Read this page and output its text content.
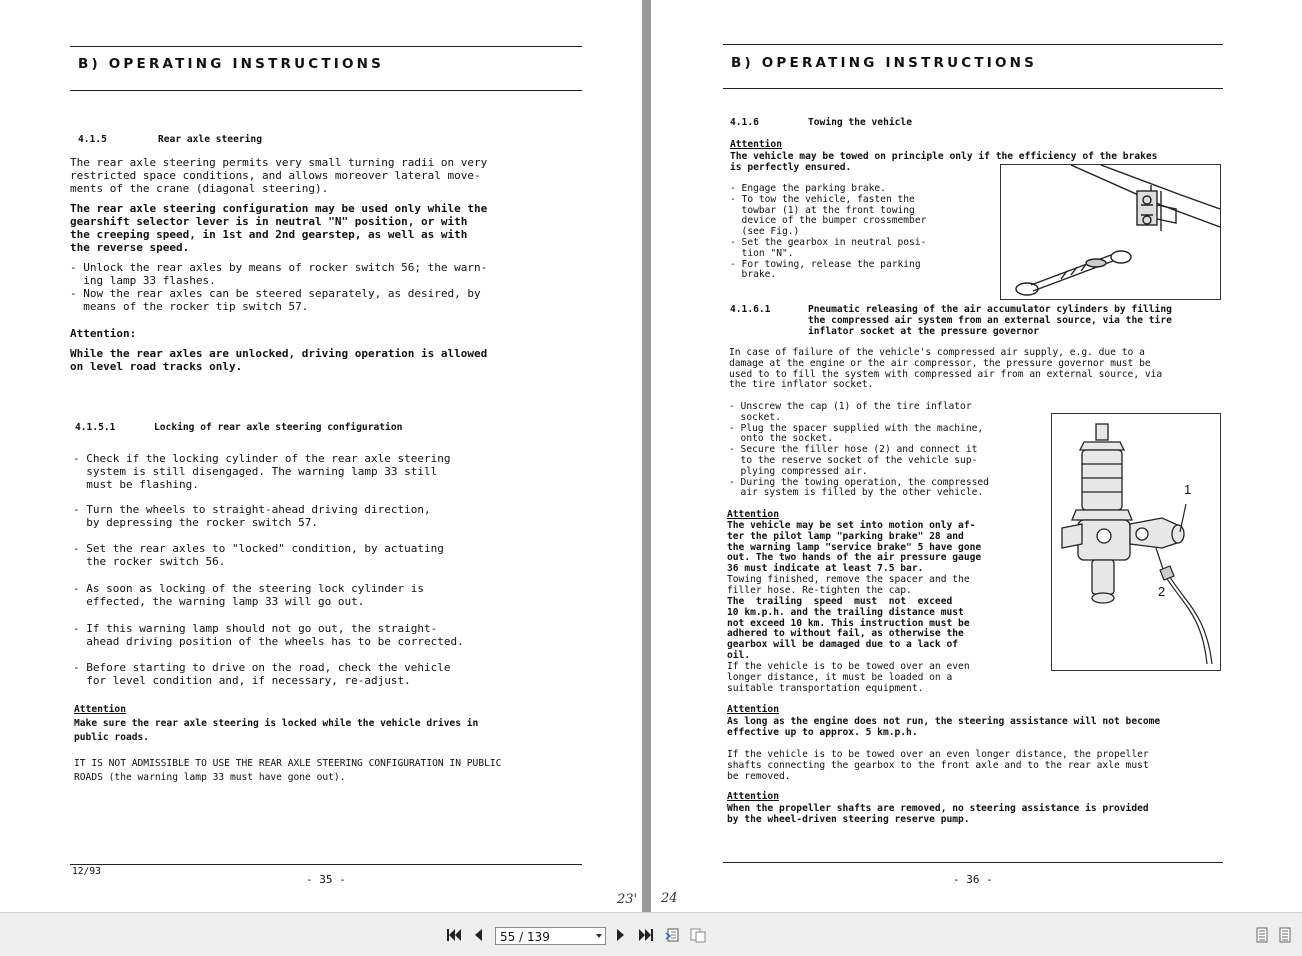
B) OPERATING INSTRUCTIONS
4.1.5	Rear axle steering
The rear axle steering permits very small turning radii on very
restricted space conditions, and allows moreover lateral move-
ments of the crane (diagonal steering).
The rear axle steering configuration may be used only while the
gearshift selector lever is in neutral "N" position, or with
the creeping speed, in 1st and 2nd gearstep, as well as with
the reverse speed.
- Unlock the rear axles by means of rocker switch 56; the warn-
ing lamp 33 flashes.
- Now the rear axles can be steered separately, as desired, by
means of the rocker tip switch 57.
Attention:
While the rear axles are unlocked, driving operation is allowed
on level road tracks only.
4.1.5.1	Locking of rear axle steering configuration
- Check if the locking cylinder of the rear axle steering
system is still disengaged. The warning lamp 33 still
must be flashing.
- Turn the wheels to straight-ahead driving direction,
by depressing the rocker switch 57.
- Set the rear axles to "locked" condition, by actuating
the rocker switch 56.
- As soon as locking of the steering lock cylinder is
effected, the warning lamp 33 will go out.
- If this warning lamp should not go out, the straight-
ahead driving position of the wheels has to be corrected.
- Before starting to drive on the road, check the vehicle
for level condition and, if necessary, re-adjust.
Attention
Make sure the rear axle steering is locked while the vehicle drives in
public roads.
IT IS NOT ADMISSIBLE TO USE THE REAR AXLE STEERING CONFIGURATION IN PUBLIC
ROADS (the warning lamp 33 must have gone out).
12/93
- 35 -
23'
B) OPERATING INSTRUCTIONS
4.1.6	Towing the vehicle
Attention
The vehicle may be towed on principle only if the efficiency of the brakes
is perfectly ensured.
- Engage the parking brake.
- To tow the vehicle, fasten the
towbar (1) at the front towing
device of the bumper crossmember
(see Fig.)
- Set the gearbox in neutral posi-
tion "N".
- For towing, release the parking
brake.
4.1.6.1	Pneumatic releasing of the air accumulator cylinders by filling
the compressed air system from an external source, via the tire
inflator socket at the pressure governor
In case of failure of the vehicle's compressed air supply, e.g. due to a
damage at the engine or the air compressor, the pressure governor must be
used to to fill the system with compressed air from an external source, via
the tire inflator socket.
- Unscrew the cap (1) of the tire inflator
socket.
- Plug the spacer supplied with the machine,
onto the socket.
- Secure the filler hose (2) and connect it
to the reserve socket of the vehicle sup-
plying compressed air.
- During the towing operation, the compressed
air system is filled by the other vehicle.	1
2
Attention
The vehicle may be set into motion only af-
ter the pilot lamp "parking brake" 28 and
the warning lamp "service brake" 5 have gone
out. The two hands of the air pressure gauge
36 must indicate at least 7.5 bar.
Towing finished, remove the spacer and the
filler hose. Re-tighten the cap.
The  trailing  speed  must  not  exceed
10 km.p.h. and the trailing distance must
not exceed 10 km. This instruction must be
adhered to without fail, as otherwise the
gearbox will be damaged due to a lack of
oil.
If the vehicle is to be towed over an even
longer distance, it must be loaded on a
suitable transportation equipment.
Attention
As long as the engine does not run, the steering assistance will not become
effective up to approx. 5 km.p.h.
If the vehicle is to be towed over an even longer distance, the propeller
shafts connecting the gearbox to the front axle and to the rear axle must
be removed.
Attention
When the propeller shafts are removed, no steering assistance is provided
by the wheel-driven steering reserve pump.
- 36 -
24
55 / 139
